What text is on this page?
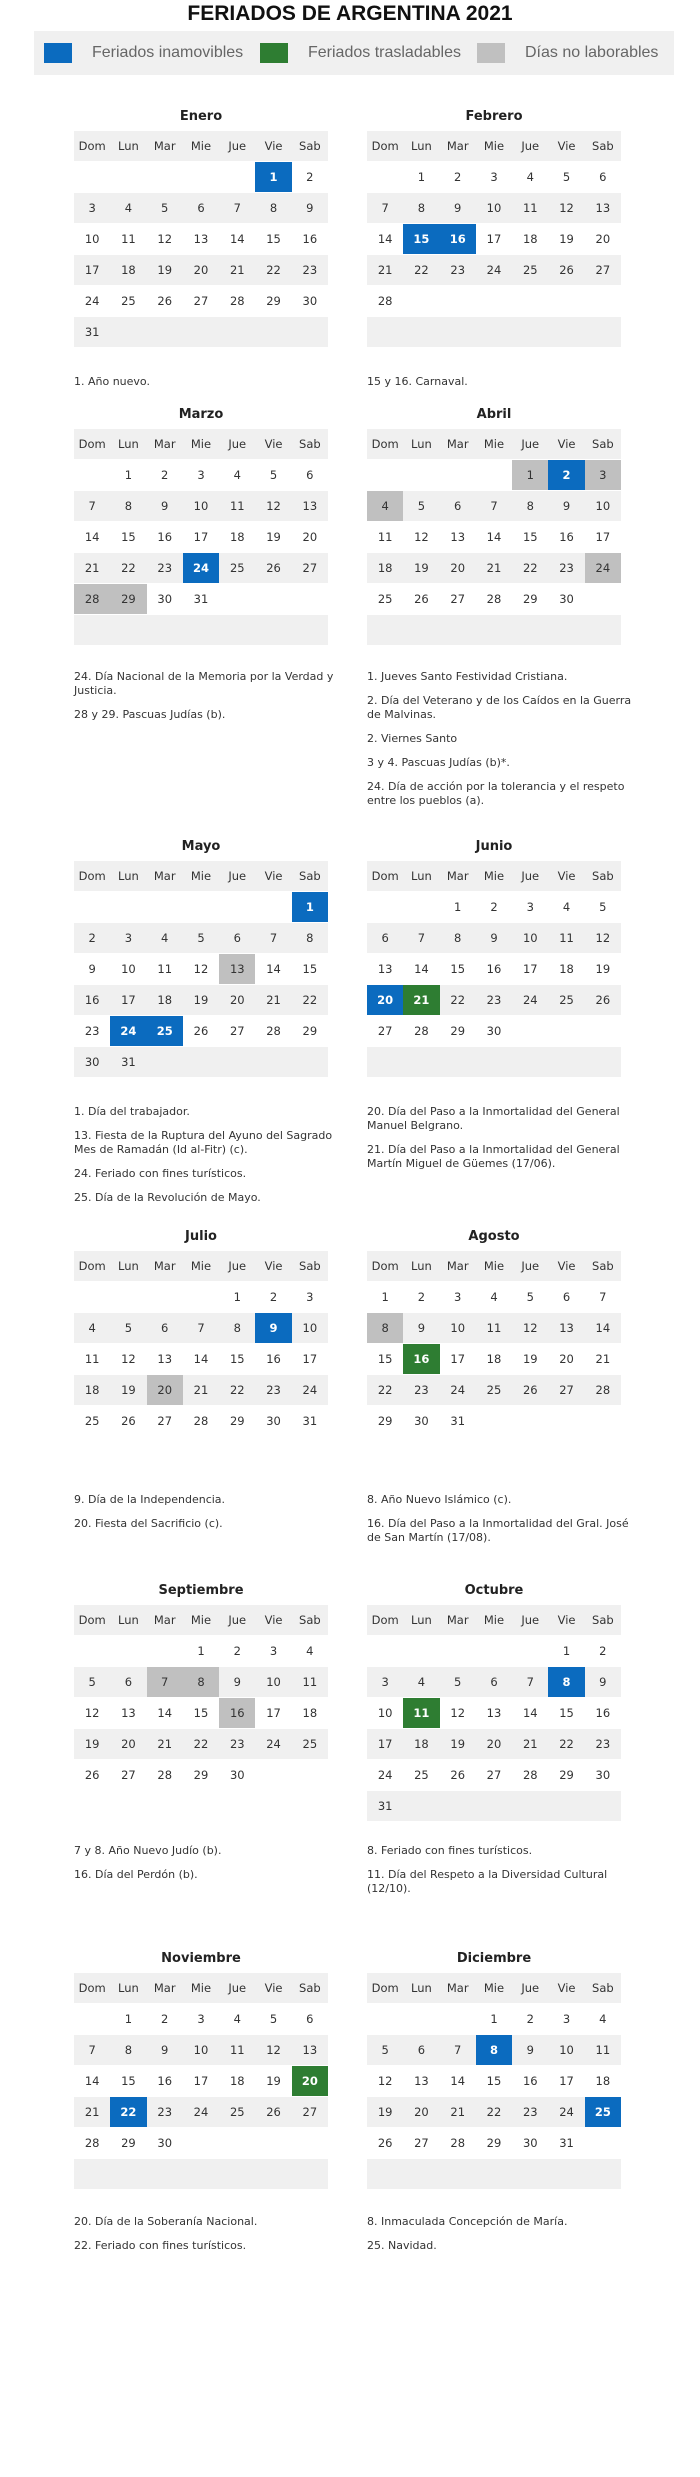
FERIADOS DE ARGENTINA 2021
Feriados inamovibles	Feriados trasladables	Días no laborables
Enero
Dom	Lun	Mar	Mie	Jue	Vie	Sab
					1	2
3	4	5	6	7	8	9
10	11	12	13	14	15	16
17	18	19	20	21	22	23
24	25	26	27	28	29	30
31						
1. Año nuevo.
Febrero
Dom	Lun	Mar	Mie	Jue	Vie	Sab
	1	2	3	4	5	6
7	8	9	10	11	12	13
14	15	16	17	18	19	20
21	22	23	24	25	26	27
28						

15 y 16. Carnaval.
Marzo
Dom	Lun	Mar	Mie	Jue	Vie	Sab
	1	2	3	4	5	6
7	8	9	10	11	12	13
14	15	16	17	18	19	20
21	22	23	24	25	26	27
28	29	30	31			

24. Día Nacional de la Memoria por la Verdad y Justicia.
28 y 29. Pascuas Judías (b).
Abril
Dom	Lun	Mar	Mie	Jue	Vie	Sab
				1	2	3
4	5	6	7	8	9	10
11	12	13	14	15	16	17
18	19	20	21	22	23	24
25	26	27	28	29	30	

1. Jueves Santo Festividad Cristiana.
2. Día del Veterano y de los Caídos en la Guerra de Malvinas.
2. Viernes Santo
3 y 4. Pascuas Judías (b)*.
24. Día de acción por la tolerancia y el respeto entre los pueblos (a).
Mayo
Dom	Lun	Mar	Mie	Jue	Vie	Sab
						1
2	3	4	5	6	7	8
9	10	11	12	13	14	15
16	17	18	19	20	21	22
23	24	25	26	27	28	29
30	31					
1. Día del trabajador.
13. Fiesta de la Ruptura del Ayuno del Sagrado Mes de Ramadán (Id al-Fitr) (c).
24. Feriado con fines turísticos.
25. Día de la Revolución de Mayo.
Junio
Dom	Lun	Mar	Mie	Jue	Vie	Sab
		1	2	3	4	5
6	7	8	9	10	11	12
13	14	15	16	17	18	19
20	21	22	23	24	25	26
27	28	29	30			

20. Día del Paso a la Inmortalidad del General Manuel Belgrano.
21. Día del Paso a la Inmortalidad del General Martín Miguel de Güemes (17/06).
Julio
Dom	Lun	Mar	Mie	Jue	Vie	Sab
				1	2	3
4	5	6	7	8	9	10
11	12	13	14	15	16	17
18	19	20	21	22	23	24
25	26	27	28	29	30	31
9. Día de la Independencia.
20. Fiesta del Sacrificio (c).
Agosto
Dom	Lun	Mar	Mie	Jue	Vie	Sab
1	2	3	4	5	6	7
8	9	10	11	12	13	14
15	16	17	18	19	20	21
22	23	24	25	26	27	28
29	30	31				
8. Año Nuevo Islámico (c).
16. Día del Paso a la Inmortalidad del Gral. José de San Martín (17/08).
Septiembre
Dom	Lun	Mar	Mie	Jue	Vie	Sab
			1	2	3	4
5	6	7	8	9	10	11
12	13	14	15	16	17	18
19	20	21	22	23	24	25
26	27	28	29	30		
7 y 8. Año Nuevo Judío (b).
16. Día del Perdón (b).
Octubre
Dom	Lun	Mar	Mie	Jue	Vie	Sab
					1	2
3	4	5	6	7	8	9
10	11	12	13	14	15	16
17	18	19	20	21	22	23
24	25	26	27	28	29	30
31						
8. Feriado con fines turísticos.
11. Día del Respeto a la Diversidad Cultural (12/10).
Noviembre
Dom	Lun	Mar	Mie	Jue	Vie	Sab
	1	2	3	4	5	6
7	8	9	10	11	12	13
14	15	16	17	18	19	20
21	22	23	24	25	26	27
28	29	30				

20. Día de la Soberanía Nacional.
22. Feriado con fines turísticos.
Diciembre
Dom	Lun	Mar	Mie	Jue	Vie	Sab
			1	2	3	4
5	6	7	8	9	10	11
12	13	14	15	16	17	18
19	20	21	22	23	24	25
26	27	28	29	30	31	

8. Inmaculada Concepción de María.
25. Navidad.
